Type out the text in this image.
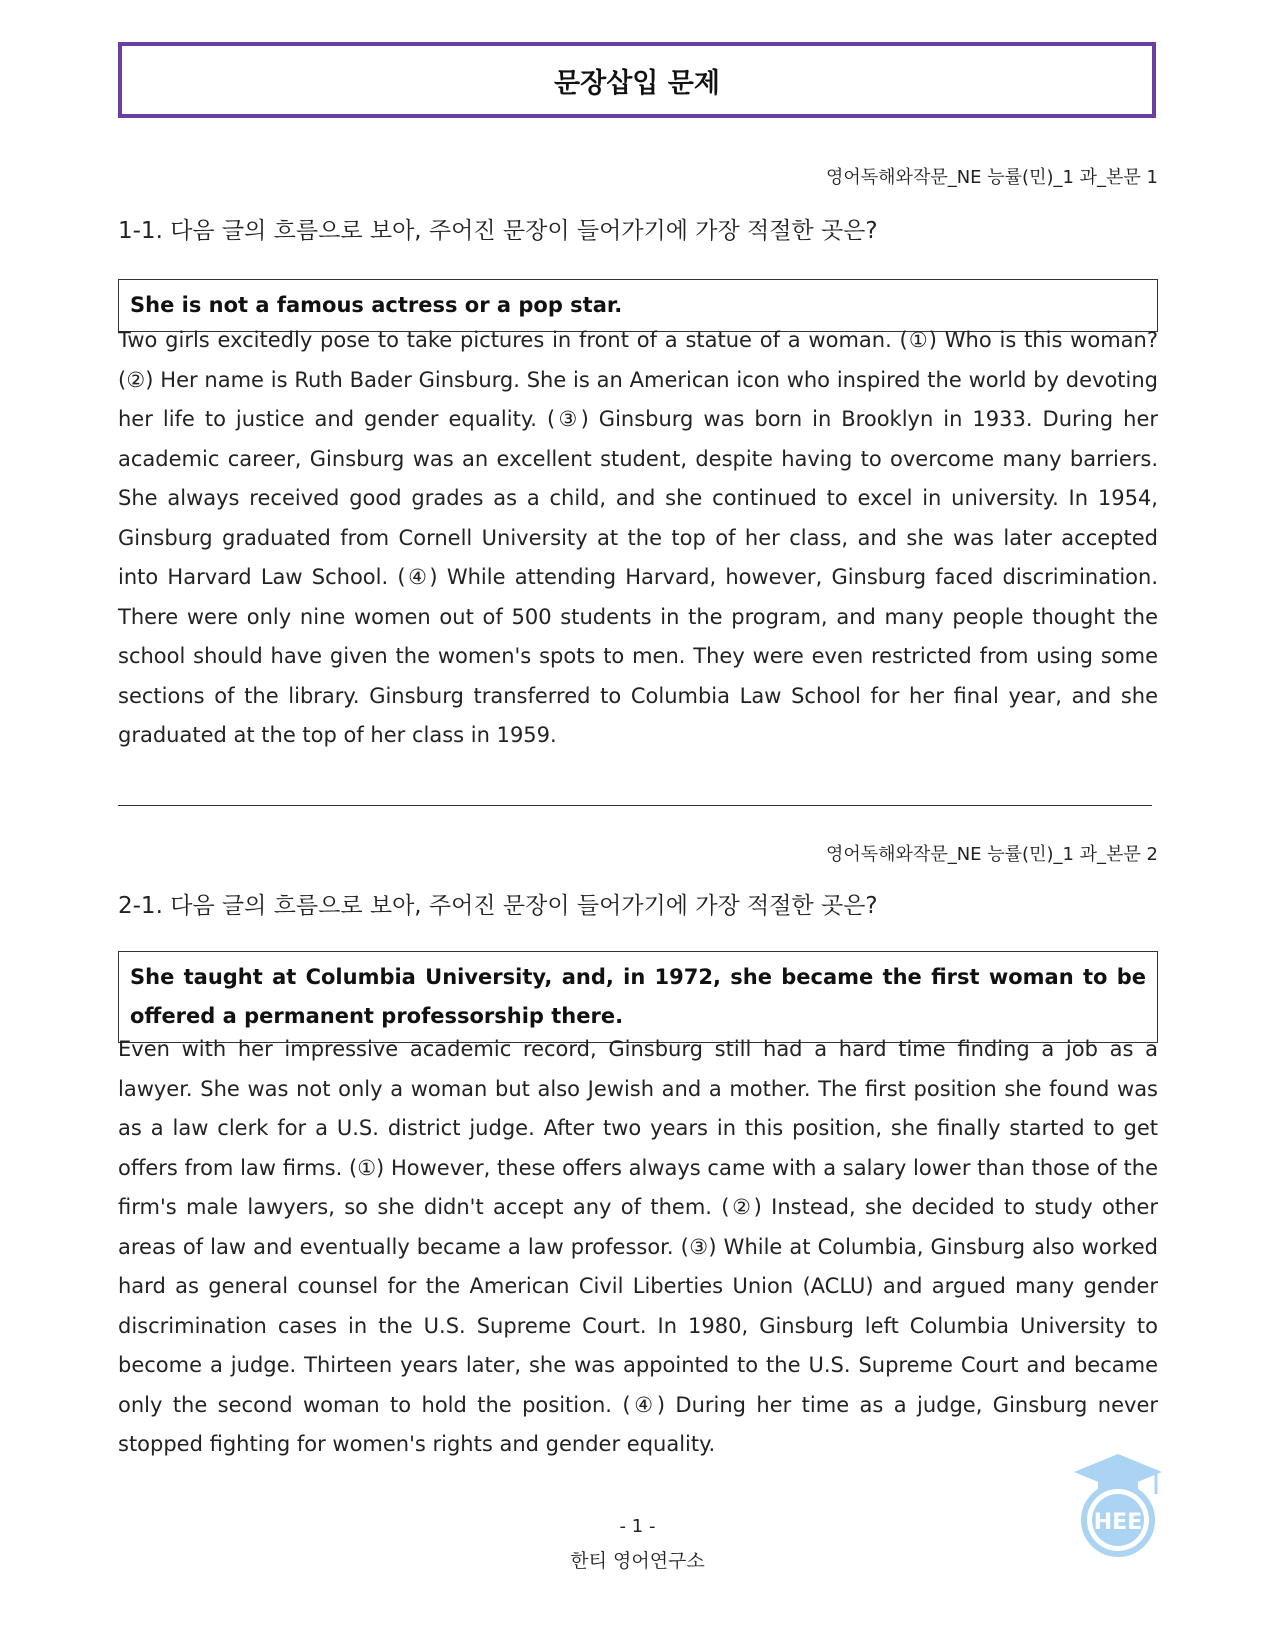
문장삽입 문제
영어독해와작문_NE 능률(민)_1 과_본문 1
1-1. 다음 글의 흐름으로 보아, 주어진 문장이 들어가기에 가장 적절한 곳은?
She is not a famous actress or a pop star.
Two girls excitedly pose to take pictures in front of a statue of a woman. (①) Who is this woman? (②) Her name is Ruth Bader Ginsburg. She is an American icon who inspired the world by devoting her life to justice and gender equality. (③) Ginsburg was born in Brooklyn in 1933. During her academic career, Ginsburg was an excellent student, despite having to overcome many barriers. She always received good grades as a child, and she continued to excel in university. In 1954, Ginsburg graduated from Cornell University at the top of her class, and she was later accepted into Harvard Law School. (④) While attending Harvard, however, Ginsburg faced discrimination. There were only nine women out of 500 students in the program, and many people thought the school should have given the women's spots to men. They were even restricted from using some sections of the library. Ginsburg transferred to Columbia Law School for her final year, and she graduated at the top of her class in 1959.
영어독해와작문_NE 능률(민)_1 과_본문 2
2-1. 다음 글의 흐름으로 보아, 주어진 문장이 들어가기에 가장 적절한 곳은?
She taught at Columbia University, and, in 1972, she became the first woman to be offered a permanent professorship there.
Even with her impressive academic record, Ginsburg still had a hard time finding a job as a lawyer. She was not only a woman but also Jewish and a mother. The first position she found was as a law clerk for a U.S. district judge. After two years in this position, she finally started to get offers from law firms. (①) However, these offers always came with a salary lower than those of the firm's male lawyers, so she didn't accept any of them. (②) Instead, she decided to study other areas of law and eventually became a law professor. (③) While at Columbia, Ginsburg also worked hard as general counsel for the American Civil Liberties Union (ACLU) and argued many gender discrimination cases in the U.S. Supreme Court. In 1980, Ginsburg left Columbia University to become a judge. Thirteen years later, she was appointed to the U.S. Supreme Court and became only the second woman to hold the position. (④) During her time as a judge, Ginsburg never stopped fighting for women's rights and gender equality.
- 1 -
한티 영어연구소
HEE
